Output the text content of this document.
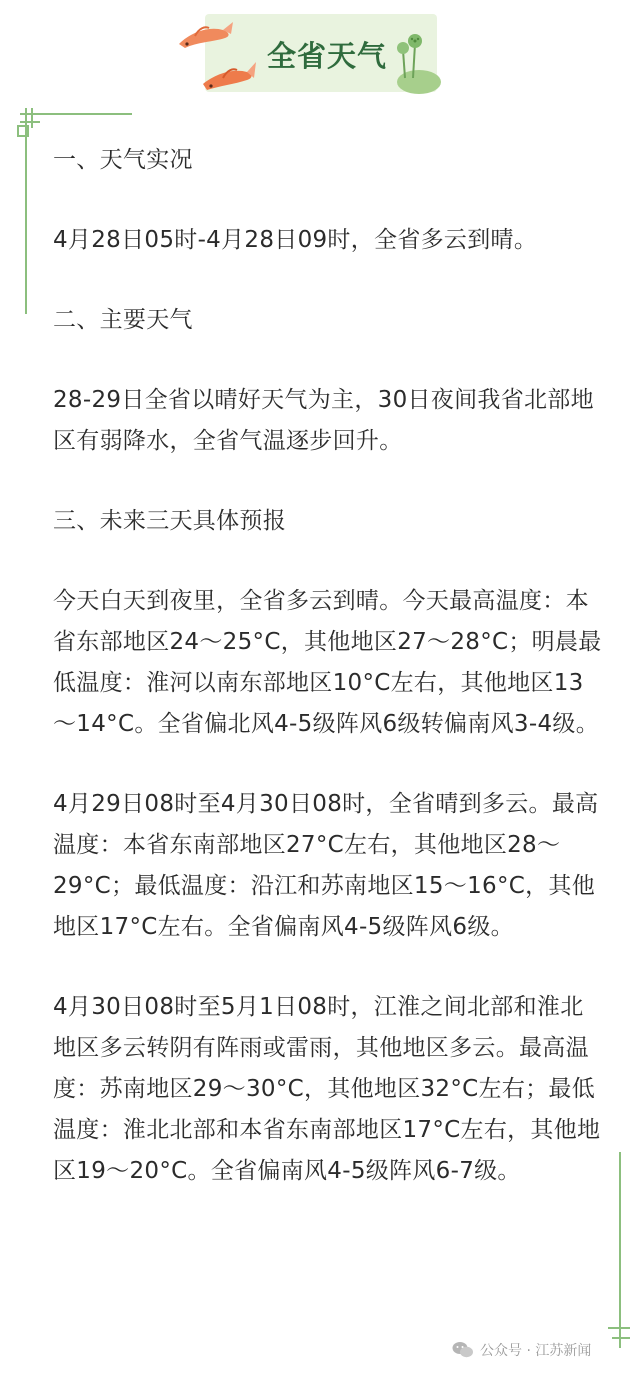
全省天气

一、天气实况

4月28日05时-4月28日09时，全省多云到晴。

二、主要天气

28-29日全省以晴好天气为主，30日夜间我省北部地区有弱降水，全省气温逐步回升。

三、未来三天具体预报

今天白天到夜里，全省多云到晴。今天最高温度：本省东部地区24～25°C，其他地区27～28°C；明晨最低温度：淮河以南东部地区10°C左右，其他地区13～14°C。全省偏北风4-5级阵风6级转偏南风3-4级。

4月29日08时至4月30日08时，全省晴到多云。最高温度：本省东南部地区27°C左右，其他地区28～29°C；最低温度：沿江和苏南地区15～16°C，其他地区17°C左右。全省偏南风4-5级阵风6级。

4月30日08时至5月1日08时，江淮之间北部和淮北地区多云转阴有阵雨或雷雨，其他地区多云。最高温度：苏南地区29～30°C，其他地区32°C左右；最低温度：淮北北部和本省东南部地区17°C左右，其他地区19～20°C。全省偏南风4-5级阵风6-7级。

公众号 · 江苏新闻
